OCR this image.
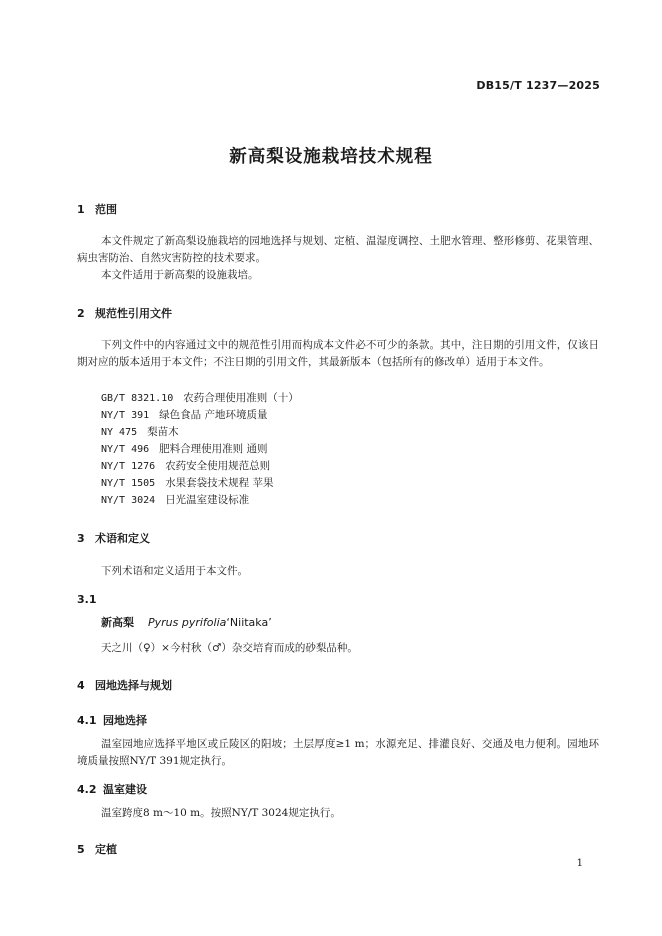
DB15/T 1237—2025
新高梨设施栽培技术规程
1 范围
本文件规定了新高梨设施栽培的园地选择与规划、定植、温湿度调控、土肥水管理、整形修剪、花果管理、病虫害防治、自然灾害防控的技术要求。
本文件适用于新高梨的设施栽培。
2 规范性引用文件
下列文件中的内容通过文中的规范性引用而构成本文件必不可少的条款。其中，注日期的引用文件，仅该日期对应的版本适用于本文件；不注日期的引用文件，其最新版本（包括所有的修改单）适用于本文件。
GB/T 8321.10 农药合理使用准则（十）
NY/T 391 绿色食品 产地环境质量
NY 475 梨苗木
NY/T 496 肥料合理使用准则 通则
NY/T 1276 农药安全使用规范总则
NY/T 1505 水果套袋技术规程 苹果
NY/T 3024 日光温室建设标准
3 术语和定义
下列术语和定义适用于本文件。
3.1
新高梨 Pyrus pyrifolia‘Niitaka’
天之川（♀）×今村秋（♂）杂交培育而成的砂梨品种。
4 园地选择与规划
4.1 园地选择
温室园地应选择平地区或丘陵区的阳坡；土层厚度≥1 m；水源充足、排灌良好、交通及电力便利。园地环境质量按照NY/T 391规定执行。
4.2 温室建设
温室跨度8 m～10 m。按照NY/T 3024规定执行。
5 定植
1
